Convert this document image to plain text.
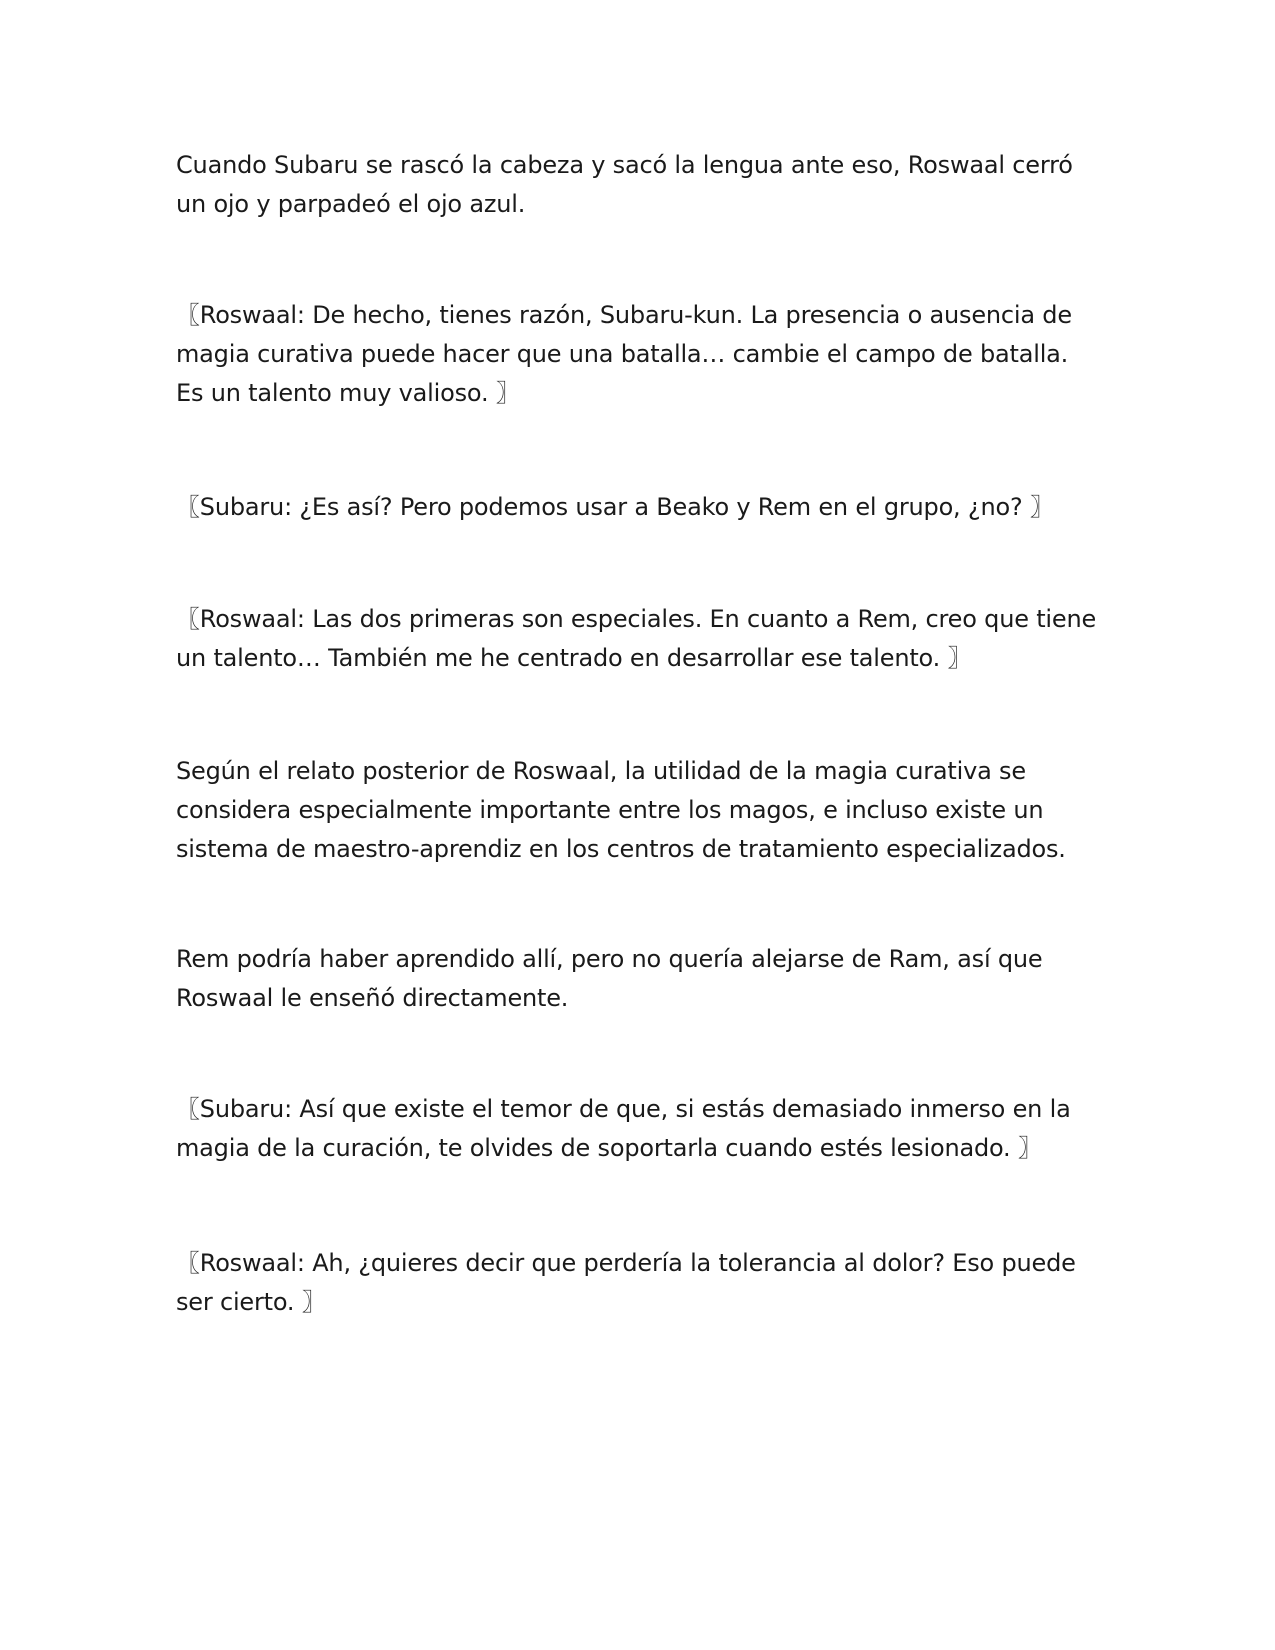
Cuando Subaru se rascó la cabeza y sacó la lengua ante eso, Roswaal cerró un ojo y parpadeó el ojo azul.

〖Roswaal: De hecho, tienes razón, Subaru-kun. La presencia o ausencia de magia curativa puede hacer que una batalla… cambie el campo de batalla. Es un talento muy valioso. 〗

〖Subaru: ¿Es así? Pero podemos usar a Beako y Rem en el grupo, ¿no? 〗

〖Roswaal: Las dos primeras son especiales. En cuanto a Rem, creo que tiene un talento… También me he centrado en desarrollar ese talento. 〗

Según el relato posterior de Roswaal, la utilidad de la magia curativa se considera especialmente importante entre los magos, e incluso existe un sistema de maestro-aprendiz en los centros de tratamiento especializados.

Rem podría haber aprendido allí, pero no quería alejarse de Ram, así que Roswaal le enseñó directamente.

〖Subaru: Así que existe el temor de que, si estás demasiado inmerso en la magia de la curación, te olvides de soportarla cuando estés lesionado. 〗

〖Roswaal: Ah, ¿quieres decir que perdería la tolerancia al dolor? Eso puede ser cierto. 〗
